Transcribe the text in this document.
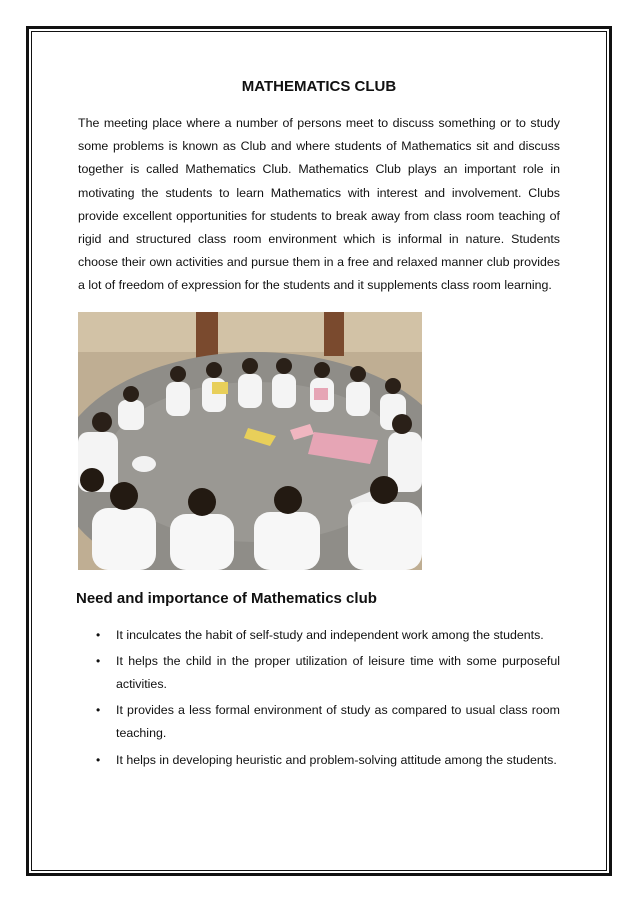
MATHEMATICS CLUB

The meeting place where a number of persons meet to discuss something or to study some problems is known as Club and where students of Mathematics sit and discuss together is called Mathematics Club. Mathematics Club plays an important role in motivating the students to learn Mathematics with interest and involvement. Clubs provide excellent opportunities for students to break away from class room teaching of rigid and structured class room environment which is informal in nature. Students choose their own activities and pursue them in a free and relaxed manner club provides a lot of freedom of expression for the students and it supplements class room learning.

Need and importance of Mathematics club
• It inculcates the habit of self-study and independent work among the students.
• It helps the child in the proper utilization of leisure time with some purposeful activities.
• It provides a less formal environment of study as compared to usual class room teaching.
• It helps in developing heuristic and problem-solving attitude among the students.
